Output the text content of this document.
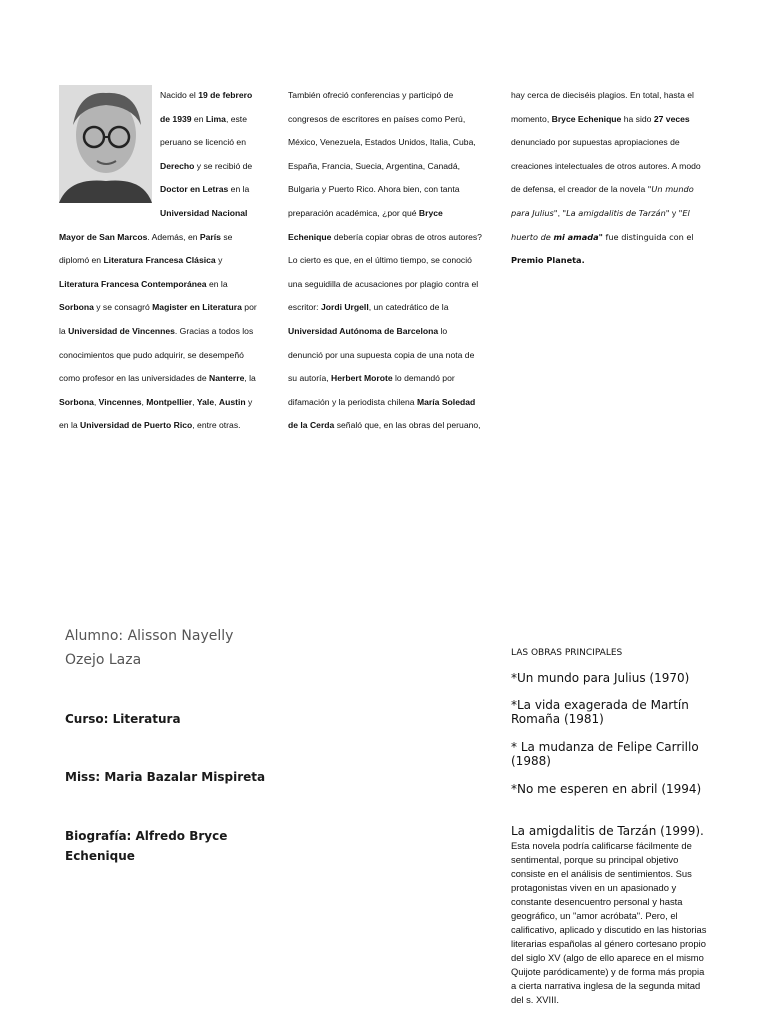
Nacido el 19 de febrero de 1939 en Lima, este peruano se licenció en Derecho y se recibió de Doctor en Letras en la Universidad Nacional Mayor de San Marcos. Además, en París se diplomó en Literatura Francesa Clásica y Literatura Francesa Contemporánea en la Sorbona y se consagró Magister en Literatura por la Universidad de Vincennes. Gracias a todos los conocimientos que pudo adquirir, se desempeñó como profesor en las universidades de Nanterre, la Sorbona, Vincennes, Montpellier, Yale, Austin y en la Universidad de Puerto Rico, entre otras.
También ofreció conferencias y participó de congresos de escritores en países como Perú, México, Venezuela, Estados Unidos, Italia, Cuba, España, Francia, Suecia, Argentina, Canadá, Bulgaria y Puerto Rico. Ahora bien, con tanta preparación académica, ¿por qué Bryce Echenique debería copiar obras de otros autores? Lo cierto es que, en el último tiempo, se conoció una seguidilla de acusaciones por plagio contra el escritor: Jordi Urgell, un catedrático de la Universidad Autónoma de Barcelona lo denunció por una supuesta copia de una nota de su autoría, Herbert Morote lo demandó por difamación y la periodista chilena María Soledad de la Cerda señaló que, en las obras del peruano,
hay cerca de dieciséis plagios. En total, hasta el momento, Bryce Echenique ha sido 27 veces denunciado por supuestas apropiaciones de creaciones intelectuales de otros autores. A modo de defensa, el creador de la novela "Un mundo para Julius", "La amigdalitis de Tarzán" y "El huerto de mi amada" fue distinguida con el Premio Planeta.
Alumno: Alisson Nayelly Ozejo Laza
Curso: Literatura
Miss: Maria Bazalar Mispireta
Biografía: Alfredo Bryce Echenique
LAS OBRAS PRINCIPALES
*Un mundo para Julius (1970)
*La vida exagerada de Martín Romaña (1981)
* La mudanza de Felipe Carrillo (1988)
*No me esperen en abril (1994)
La amigdalitis de Tarzán (1999). Esta novela podría calificarse fácilmente de sentimental, porque su principal objetivo consiste en el análisis de sentimientos. Sus protagonistas viven en un apasionado y constante desencuentro personal y hasta geográfico, un "amor acróbata". Pero, el calificativo, aplicado y discutido en las historias literarias españolas al género cortesano propio del siglo XV (algo de ello aparece en el mismo Quijote paródicamente) y de forma más propia a cierta narrativa inglesa de la segunda mitad del s. XVIII.
